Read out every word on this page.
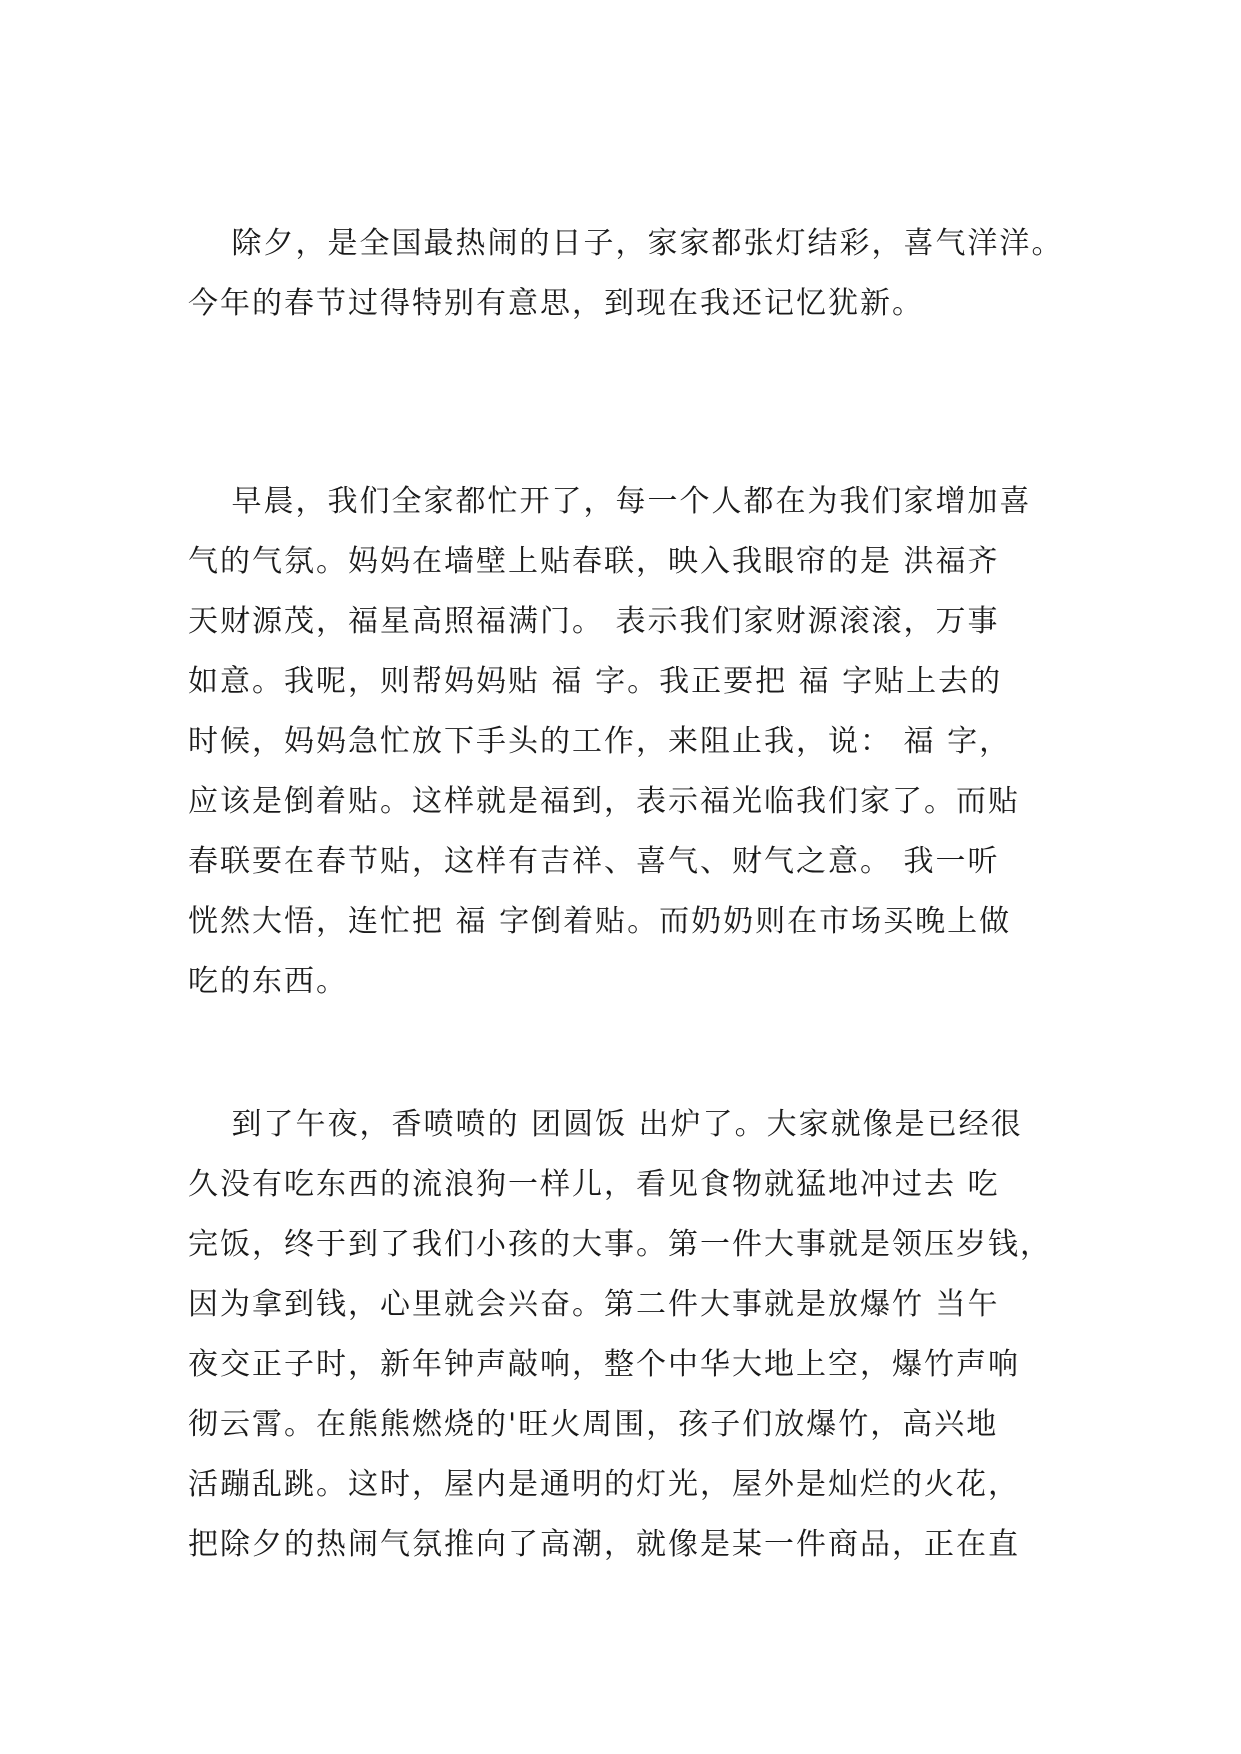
　 除夕，是全国最热闹的日子，家家都张灯结彩，喜气洋洋。
今年的春节过得特别有意思，到现在我还记忆犹新。
　 早晨，我们全家都忙开了，每一个人都在为我们家增加喜
气的气氛。妈妈在墙壁上贴春联，映入我眼帘的是 洪福齐
天财源茂，福星高照福满门。 表示我们家财源滚滚，万事
如意。我呢，则帮妈妈贴 福 字。我正要把 福 字贴上去的
时候，妈妈急忙放下手头的工作，来阻止我，说： 福 字，
应该是倒着贴。这样就是福到，表示福光临我们家了。而贴
春联要在春节贴，这样有吉祥、喜气、财气之意。 我一听
恍然大悟，连忙把 福 字倒着贴。而奶奶则在市场买晚上做
吃的东西。
　 到了午夜，香喷喷的 团圆饭 出炉了。大家就像是已经很
久没有吃东西的流浪狗一样儿，看见食物就猛地冲过去 吃
完饭，终于到了我们小孩的大事。第一件大事就是领压岁钱，
因为拿到钱，心里就会兴奋。第二件大事就是放爆竹 当午
夜交正子时，新年钟声敲响，整个中华大地上空，爆竹声响
彻云霄。在熊熊燃烧的'旺火周围，孩子们放爆竹，高兴地
活蹦乱跳。这时，屋内是通明的灯光，屋外是灿烂的火花，
把除夕的热闹气氛推向了高潮，就像是某一件商品，正在直
